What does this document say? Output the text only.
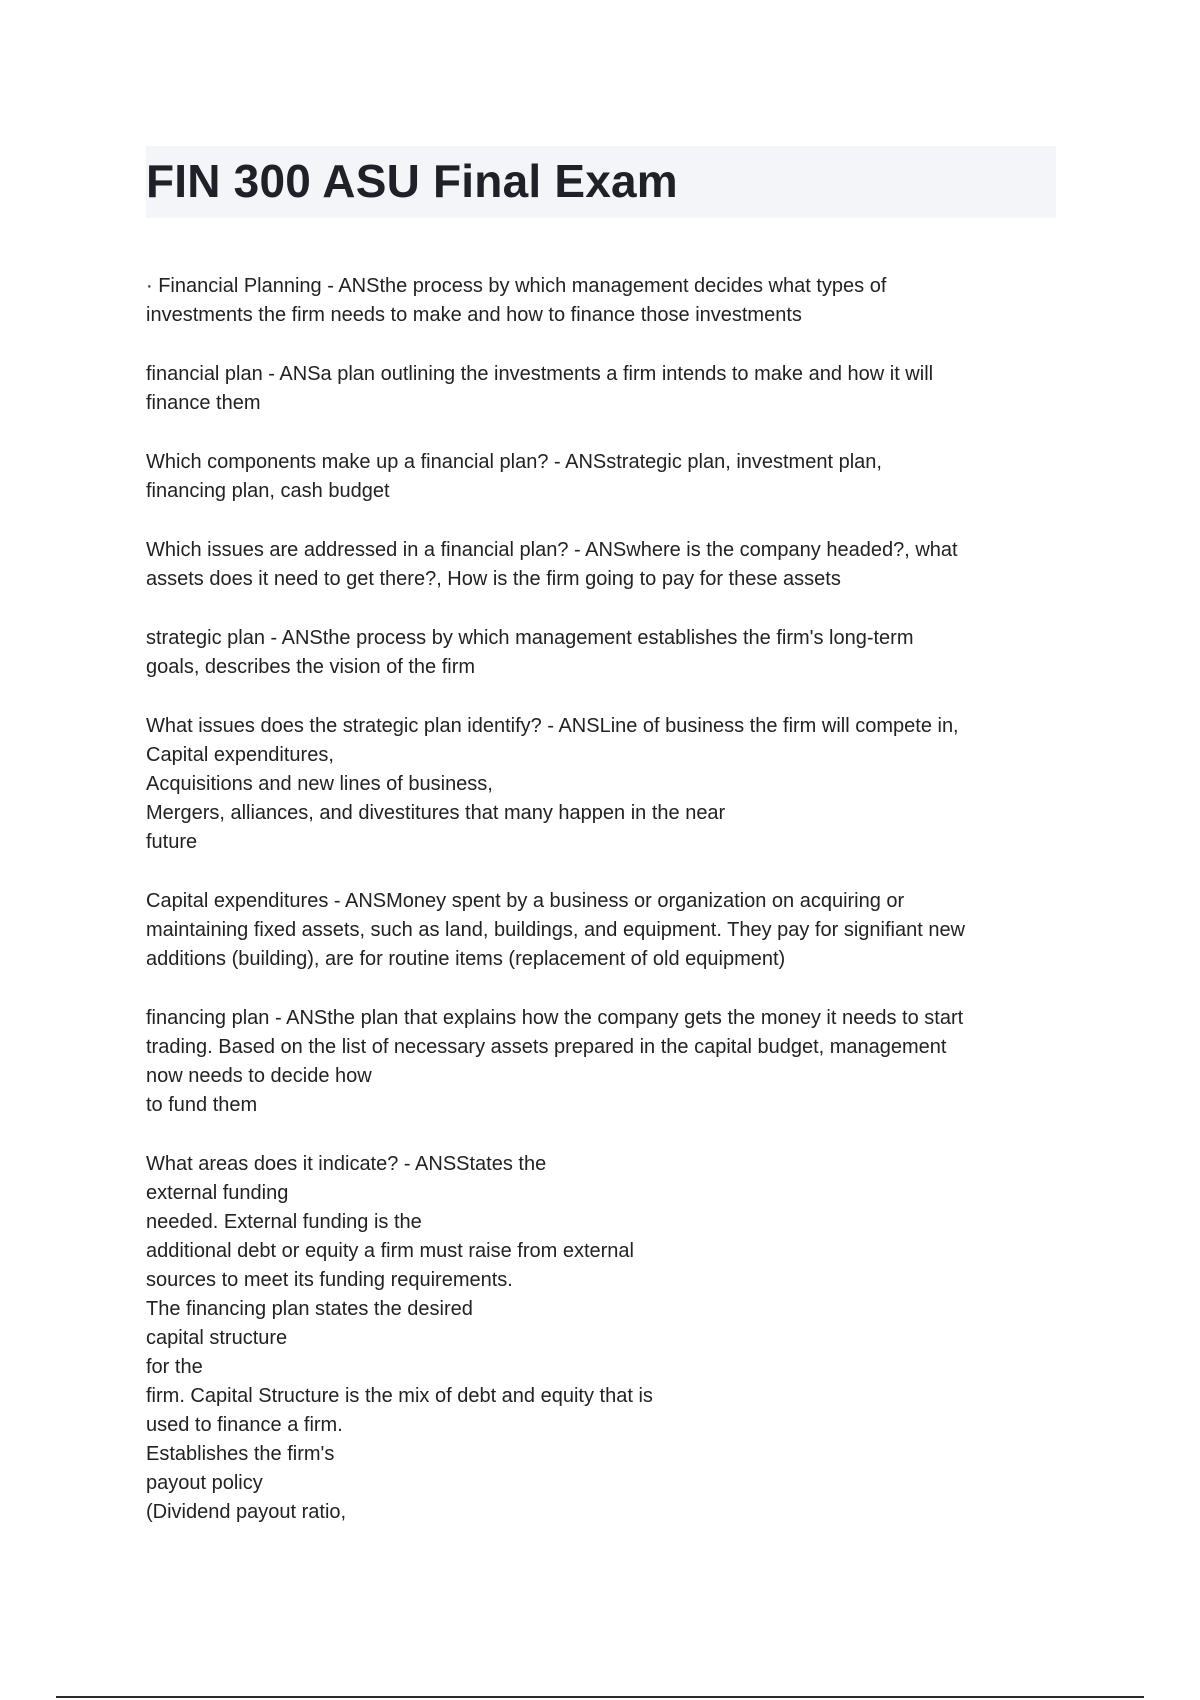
FIN 300 ASU Final Exam

· Financial Planning - ANSthe process by which management decides what types of
investments the firm needs to make and how to finance those investments

financial plan - ANSa plan outlining the investments a firm intends to make and how it will
finance them

Which components make up a financial plan? - ANSstrategic plan, investment plan,
financing plan, cash budget

Which issues are addressed in a financial plan? - ANSwhere is the company headed?, what
assets does it need to get there?, How is the firm going to pay for these assets

strategic plan - ANSthe process by which management establishes the firm's long-term
goals, describes the vision of the firm

What issues does the strategic plan identify? - ANSLine of business the firm will compete in,
Capital expenditures,
Acquisitions and new lines of business,
Mergers, alliances, and divestitures that many happen in the near
future

Capital expenditures - ANSMoney spent by a business or organization on acquiring or
maintaining fixed assets, such as land, buildings, and equipment. They pay for signifiant new
additions (building), are for routine items (replacement of old equipment)

financing plan - ANSthe plan that explains how the company gets the money it needs to start
trading. Based on the list of necessary assets prepared in the capital budget, management
now needs to decide how
to fund them

What areas does it indicate? - ANSStates the
external funding
needed. External funding is the
additional debt or equity a firm must raise from external
sources to meet its funding requirements.
The financing plan states the desired
capital structure
for the
firm. Capital Structure is the mix of debt and equity that is
used to finance a firm.
Establishes the firm's
payout policy
(Dividend payout ratio,
